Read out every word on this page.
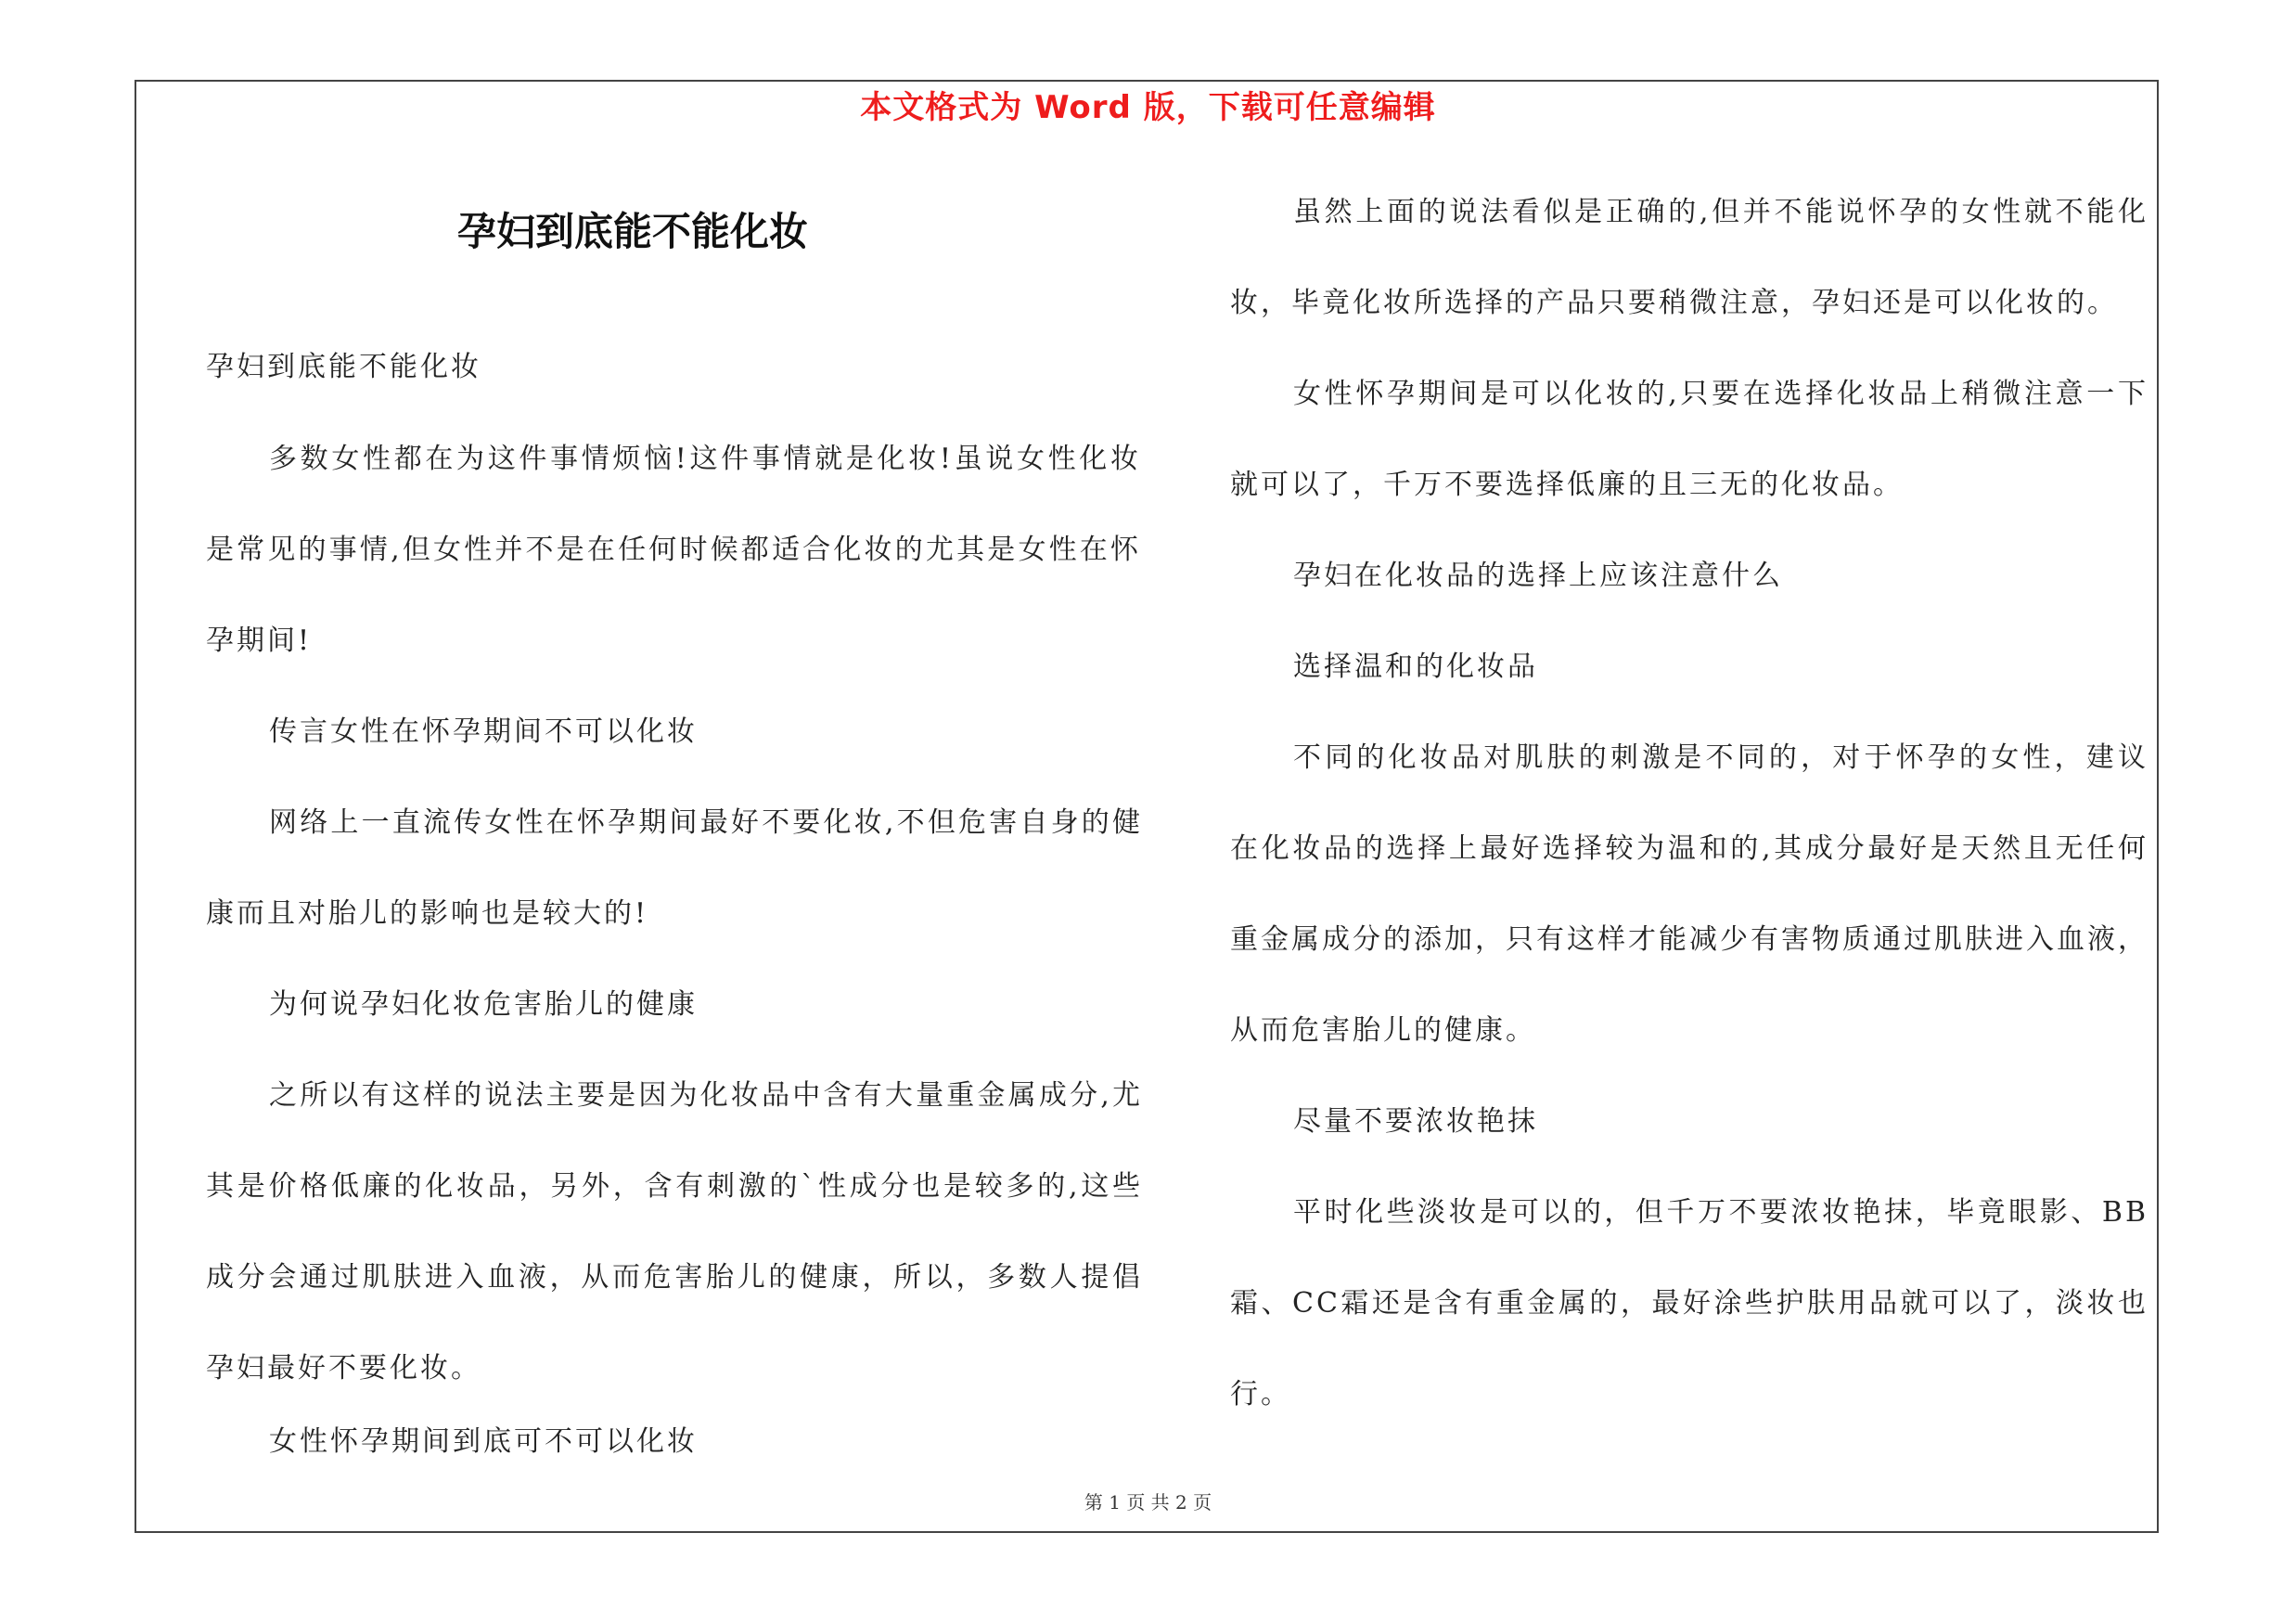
本文格式为 Word 版，下载可任意编辑
孕妇到底能不能化妆

孕妇到底能不能化妆

多数女性都在为这件事情烦恼!这件事情就是化妆!虽说女性化妆是常见的事情,但女性并不是在任何时候都适合化妆的尤其是女性在怀孕期间!

传言女性在怀孕期间不可以化妆

网络上一直流传女性在怀孕期间最好不要化妆,不但危害自身的健康而且对胎儿的影响也是较大的!

为何说孕妇化妆危害胎儿的健康

之所以有这样的说法主要是因为化妆品中含有大量重金属成分,尤其是价格低廉的化妆品，另外，含有刺激的`性成分也是较多的,这些成分会通过肌肤进入血液，从而危害胎儿的健康，所以，多数人提倡孕妇最好不要化妆。

女性怀孕期间到底可不可以化妆

虽然上面的说法看似是正确的,但并不能说怀孕的女性就不能化妆，毕竟化妆所选择的产品只要稍微注意，孕妇还是可以化妆的。

女性怀孕期间是可以化妆的,只要在选择化妆品上稍微注意一下就可以了，千万不要选择低廉的且三无的化妆品。

孕妇在化妆品的选择上应该注意什么

选择温和的化妆品

不同的化妆品对肌肤的刺激是不同的，对于怀孕的女性，建议在化妆品的选择上最好选择较为温和的,其成分最好是天然且无任何重金属成分的添加，只有这样才能减少有害物质通过肌肤进入血液，从而危害胎儿的健康。

尽量不要浓妆艳抹

平时化些淡妆是可以的，但千万不要浓妆艳抹，毕竟眼影、BB霜、CC霜还是含有重金属的，最好涂些护肤用品就可以了，淡妆也行。

第 1 页 共 2 页
